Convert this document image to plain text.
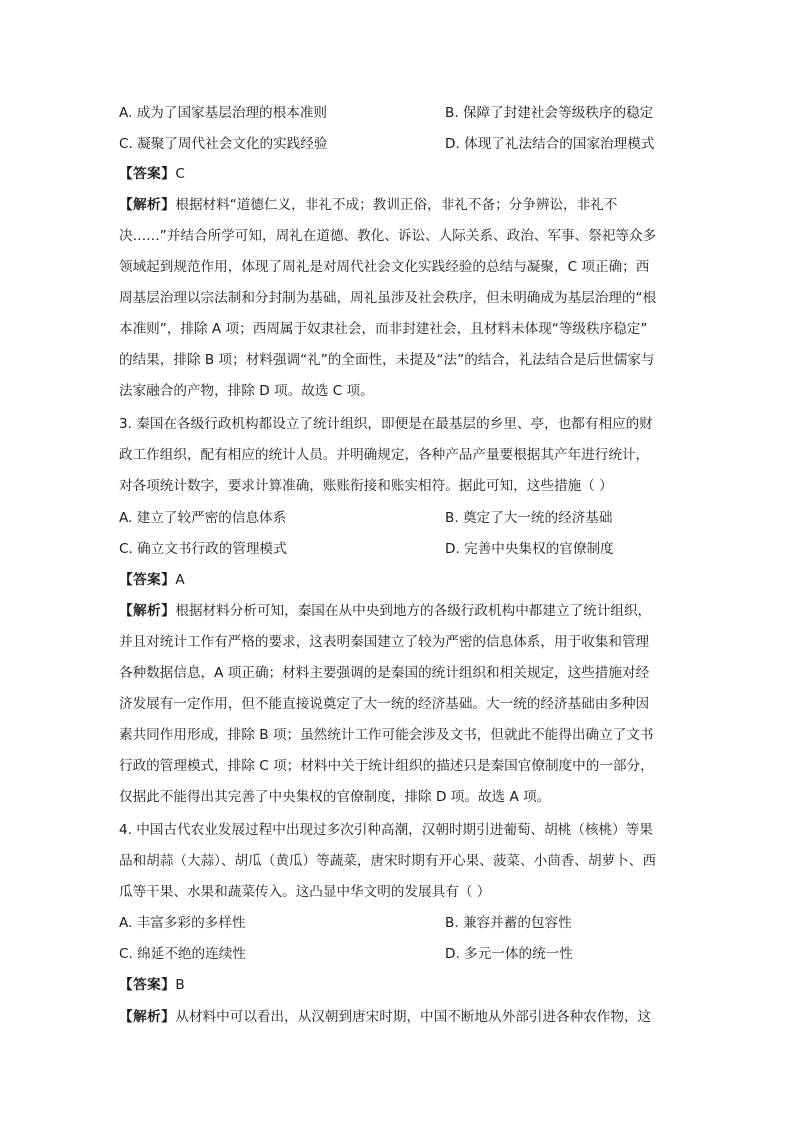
A. 成为了国家基层治理的根本准则	B. 保障了封建社会等级秩序的稳定
C. 凝聚了周代社会文化的实践经验	D. 体现了礼法结合的国家治理模式
【答案】C
【解析】根据材料“道德仁义，非礼不成；教训正俗，非礼不备；分争辨讼，非礼不
决……”并结合所学可知，周礼在道德、教化、诉讼、人际关系、政治、军事、祭祀等众多
领域起到规范作用，体现了周礼是对周代社会文化实践经验的总结与凝聚，C 项正确；西
周基层治理以宗法制和分封制为基础，周礼虽涉及社会秩序，但未明确成为基层治理的“根
本准则”，排除 A 项；西周属于奴隶社会，而非封建社会，且材料未体现“等级秩序稳定”
的结果，排除 B 项；材料强调“礼”的全面性，未提及“法”的结合，礼法结合是后世儒家与
法家融合的产物，排除 D 项。故选 C 项。
3. 秦国在各级行政机构都设立了统计组织，即便是在最基层的乡里、亭，也都有相应的财
政工作组织，配有相应的统计人员。并明确规定，各种产品产量要根据其产年进行统计，
对各项统计数字，要求计算准确，账账衔接和账实相符。据此可知，这些措施（ ）
A. 建立了较严密的信息体系	B. 奠定了大一统的经济基础
C. 确立文书行政的管理模式	D. 完善中央集权的官僚制度
【答案】A
【解析】根据材料分析可知，秦国在从中央到地方的各级行政机构中都建立了统计组织，
并且对统计工作有严格的要求，这表明秦国建立了较为严密的信息体系，用于收集和管理
各种数据信息，A 项正确；材料主要强调的是秦国的统计组织和相关规定，这些措施对经
济发展有一定作用，但不能直接说奠定了大一统的经济基础。大一统的经济基础由多种因
素共同作用形成，排除 B 项；虽然统计工作可能会涉及文书，但就此不能得出确立了文书
行政的管理模式，排除 C 项；材料中关于统计组织的描述只是秦国官僚制度中的一部分，
仅据此不能得出其完善了中央集权的官僚制度，排除 D 项。故选 A 项。
4. 中国古代农业发展过程中出现过多次引种高潮，汉朝时期引进葡萄、胡桃（核桃）等果
品和胡蒜（大蒜）、胡瓜（黄瓜）等蔬菜，唐宋时期有开心果、菠菜、小茴香、胡萝卜、西
瓜等干果、水果和蔬菜传入。这凸显中华文明的发展具有（ ）
A. 丰富多彩的多样性	B. 兼容并蓄的包容性
C. 绵延不绝的连续性	D. 多元一体的统一性
【答案】B
【解析】从材料中可以看出，从汉朝到唐宋时期，中国不断地从外部引进各种农作物，这
